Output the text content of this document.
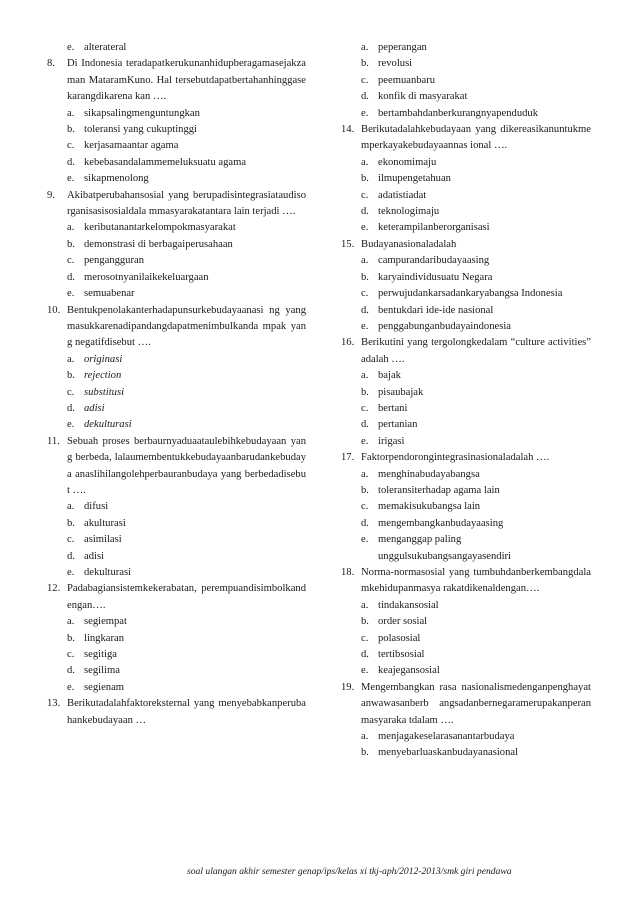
e. alterateral
8. Di Indonesia teradapatkerukunanhidupberagamasejakzaman MataramKuno. Hal tersebutdapatbertahanhinggasekarangdikarena kan ….
a. sikapsalingmenguntungkan
b. toleransi yang cukuptinggi
c. kerjasamaantar agama
d. kebebasandalammemeluksuatu agama
e. sikapmenolong
9. Akibatperubahansosial yang berupadisintegrasiataudisorganisasisosialdala mmasyarakatantara lain terjadi ….
a. keributanantarkelompokmasyarakat
b. demonstrasi di berbagaiperusahaan
c. pengangguran
d. merosotnyanilaikekeluargaan
e. semuabenar
10. Bentukpenolakanterhadapunsurkebudayaanasi ng yang masukkarenadipandangdapatmenimbulkanda mpak yang negatifdisebut ….
a. originasi
b. rejection
c. substitusi
d. adisi
e. dekulturasi
11. Sebuah proses berbaurnyaduaataulebihkebudayaan yang berbeda, lalaumembentukkebudayaanbarudankebudaya anaslihilangolehperbauranbudaya yang berbedadisebut ….
a. difusi
b. akulturasi
c. asimilasi
d. adisi
e. dekulturasi
12. Padabagiansistemkekerabatan, perempuandisimbolkandengan….
a. segiempat
b. lingkaran
c. segitiga
d. segilima
e. segienam
13. Berikutadalahfaktoreksternal yang menyebabkanperubahankebudayaan …
a. peperangan
b. revolusi
c. peemuanbaru
d. konfik di masyarakat
e. bertambahdanberkurangnyapenduduk
14. Berikutadalahkebudayaan yang dikereasikanuntukmemperkayakebudayaannas ional ….
a. ekonomimaju
b. ilmupengetahuan
c. adatistiadat
d. teknologimaju
e. keterampilanberorganisasi
15. Budayanasionaladalah
a. campurandaribudayaasing
b. karyaindividusuatu Negara
c. perwujudankarsadankaryabangsa Indonesia
d. bentukdari ide-ide nasional
e. penggabunganbudayaindonesia
16. Berikutini yang tergolongkedalam “culture activities” adalah ….
a. bajak
b. pisaubajak
c. bertani
d. pertanian
e. irigasi
17. Faktorpendorongintegrasinasionaladalah ….
a. menghinabudayabangsa
b. toleransiterhadap agama lain
c. memakisukubangsa lain
d. mengembangkanbudayaasing
e. menganggap paling unggulsukubangsangayasendiri
18. Norma-normasosial yang tumbuhdanberkembangdalamkehidupanmasya rakatdikenaldengan….
a. tindakansosial
b. order sosial
c. polasosial
d. tertibsosial
e. keajegansosial
19. Mengembangkan rasa nasionalismedenganpenghayatanwawasanberb angsadanbernegaramerupakanperanmasyaraka tdalam ….
a. menjagakeselarasanantarbudaya
b. menyebarluaskanbudayanasional
soal ulangan akhir semester genap/ips/kelas xi tkj-aph/2012-2013/smk giri pendawa
